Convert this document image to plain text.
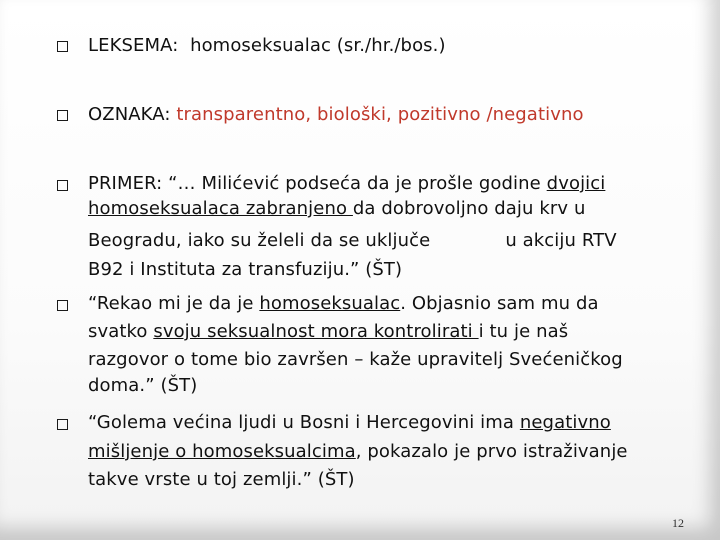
LEKSEMA: homoseksualac (sr./hr./bos.)
OZNAKA: transparentno, biološki, pozitivno /negativno
PRIMER: “… Milićević podseća da je prošle godine dvojici
homoseksualaca zabranjeno da dobrovoljno daju krv u
Beogradu, iako su želeli da se uključe	u akciju RTV
B92 i Instituta za transfuziju.” (ŠT)
“Rekao mi je da je homoseksualac. Objasnio sam mu da
svatko svoju seksualnost mora kontrolirati i tu je naš
razgovor o tome bio završen – kaže upravitelj Svećeničkog
doma.” (ŠT)
“Golema većina ljudi u Bosni i Hercegovini ima negativno
mišljenje o homoseksualcima, pokazalo je prvo istraživanje
takve vrste u toj zemlji.” (ŠT)
12
